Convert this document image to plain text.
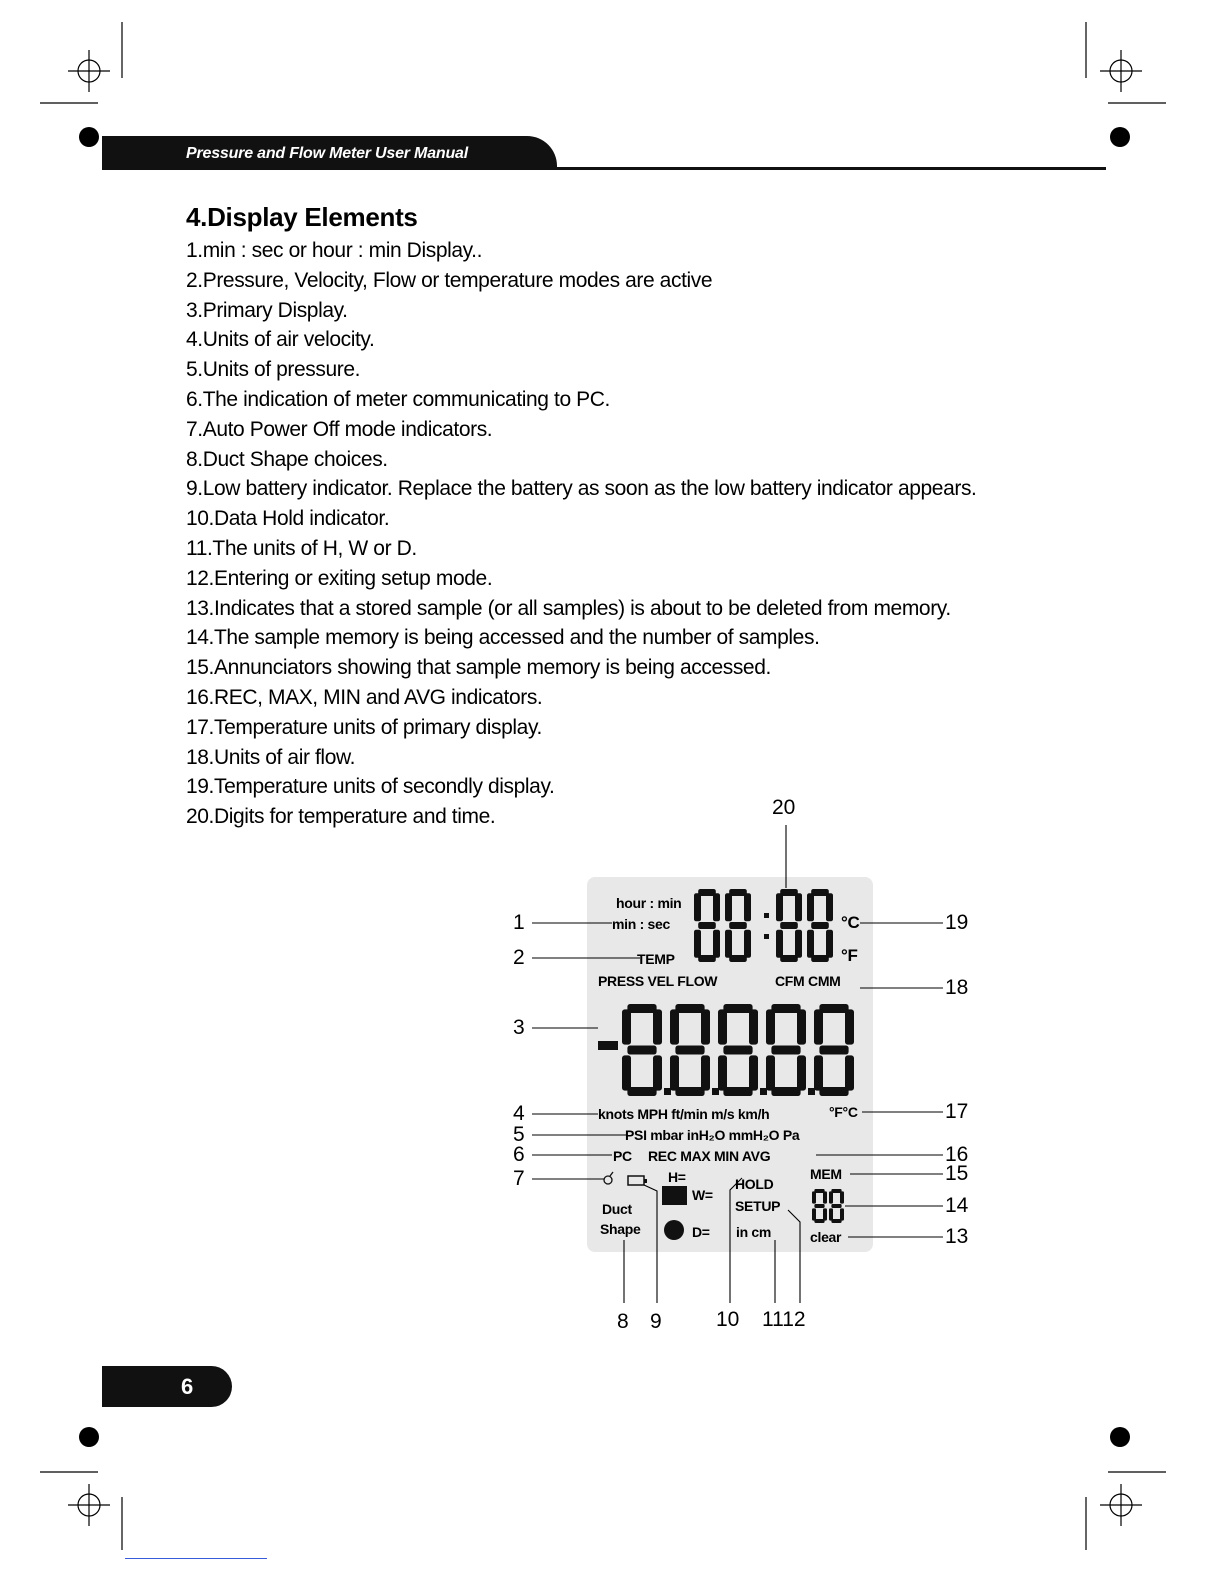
Pressure and Flow Meter User Manual
4.Display Elements
1.min : sec or hour : min Display..
2.Pressure, Velocity, Flow or temperature modes are active
3.Primary Display.
4.Units of air velocity.
5.Units of pressure.
6.The indication of meter communicating to PC.
7.Auto Power Off mode indicators.
8.Duct Shape choices.
9.Low battery indicator. Replace the battery as soon as the low battery indicator appears.
10.Data Hold indicator.
11.The units of H, W or D.
12.Entering or exiting setup mode.
13.Indicates that a stored sample (or all samples) is about to be deleted from memory.
14.The sample memory is being accessed and the number of samples.
15.Annunciators showing that sample memory is being accessed.
16.REC, MAX, MIN and AVG indicators.
17.Temperature units of primary display.
18.Units of air flow.
19.Temperature units of secondly display.
20.Digits for temperature and time.
hour : min
min : sec
TEMP
PRESS VEL FLOW	CFM CMM
°C
°F
knots MPH ft/min m/s km/h	°F°C
PSI mbar inH₂O mmH₂O Pa
PC REC MAX MIN AVG
MEM
H=
W=
D=
HOLD
SETUP
Duct
Shape	in cm	clear
1
2
3
4
5
6
7
8 9	10 1112
13
14
15
16
17
18
19
20
6
